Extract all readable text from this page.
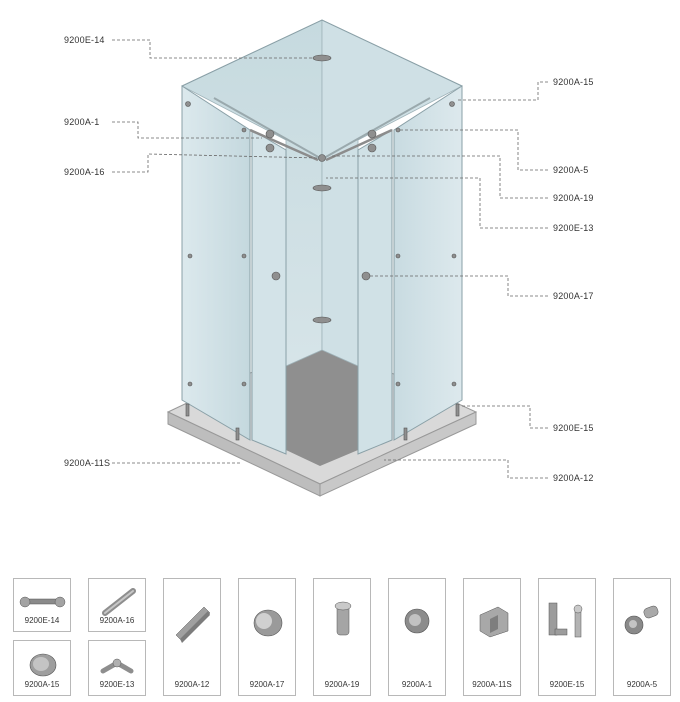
9200E-14
9200A-15
9200A-1
9200A-16	9200A-5
9200A-19
9200E-13
9200A-17
9200E-15
9200A-11S
9200A-12
9200E-14
9200A-15
9200A-16
9200E-13	9200A-12	9200A-17	9200A-19	9200A-1	9200A-11S	9200E-15	9200A-5
